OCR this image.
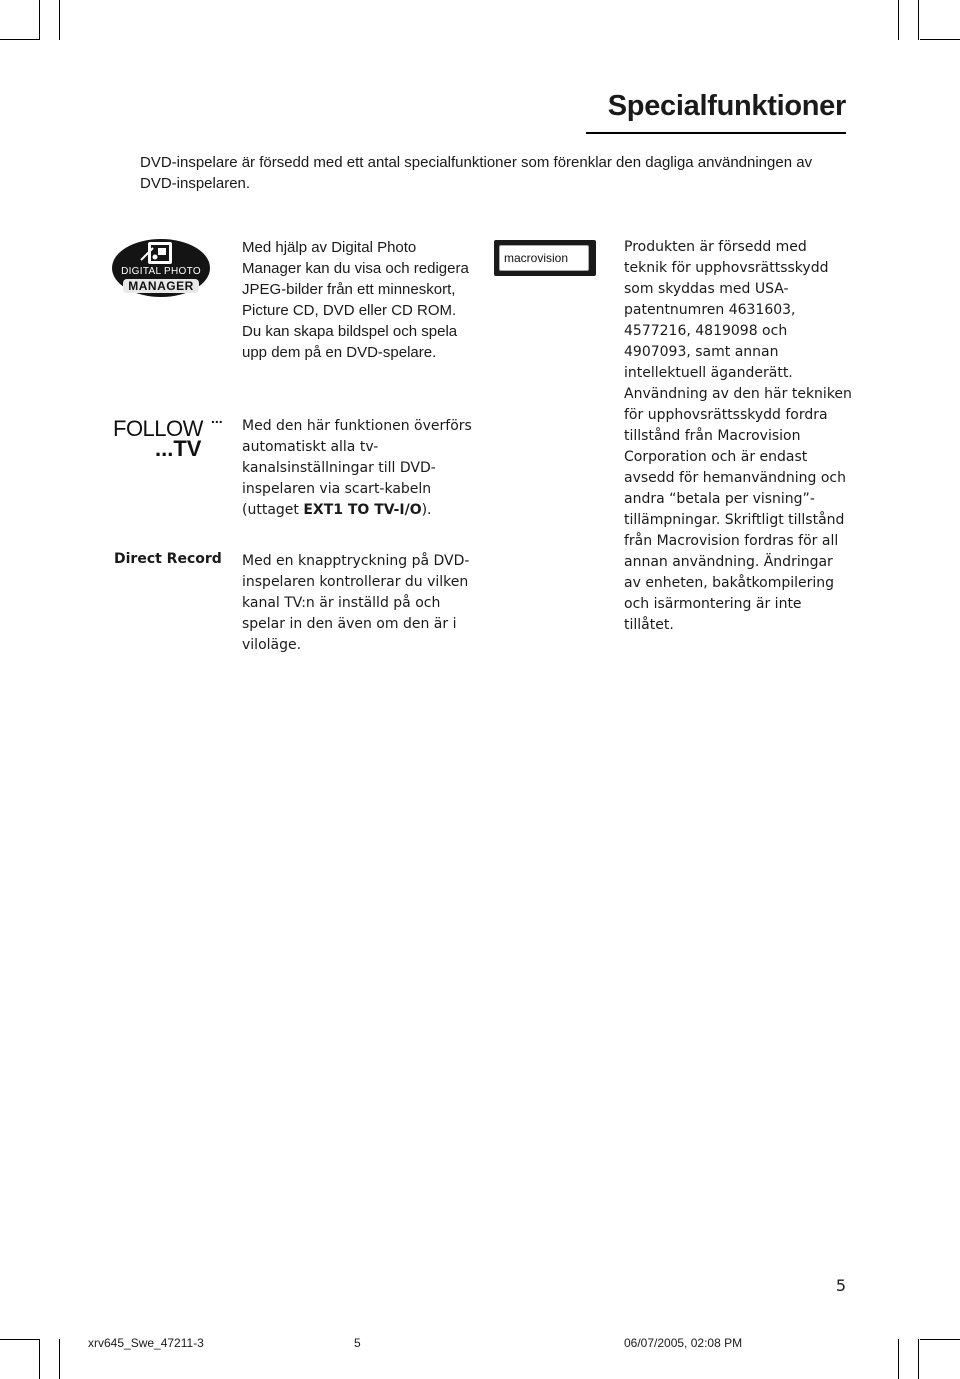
Specialfunktioner
DVD-inspelare är försedd med ett antal specialfunktioner som förenklar den dagliga användningen av DVD-inspelaren.
DIGITAL PHOTO
MANAGER
Med hjälp av Digital Photo Manager kan du visa och redigera JPEG-bilder från ett minneskort, Picture CD, DVD eller CD ROM. Du kan skapa bildspel och spela upp dem på en DVD-spelare.
FOLLOW ...
...TV
Med den här funktionen överförs automatiskt alla tv-kanalsinställningar till DVD-inspelaren via scart-kabeln (uttaget EXT1 TO TV-I/O).
Direct Record	Med en knapptryckning på DVD-inspelaren kontrollerar du vilken kanal TV:n är inställd på och spelar in den även om den är i viloläge.
macrovision
Produkten är försedd med teknik för upphovsrättsskydd som skyddas med USA-patentnumren 4631603, 4577216, 4819098 och 4907093, samt annan intellektuell äganderätt. Användning av den här tekniken för upphovsrättsskydd fordra tillstånd från Macrovision Corporation och är endast avsedd för hemanvändning och andra “betala per visning”-tillämpningar. Skriftligt tillstånd från Macrovision fordras för all annan användning. Ändringar av enheten, bakåtkompilering och isärmontering är inte tillåtet.
5
xrv645_Swe_47211-3	5	06/07/2005, 02:08 PM
